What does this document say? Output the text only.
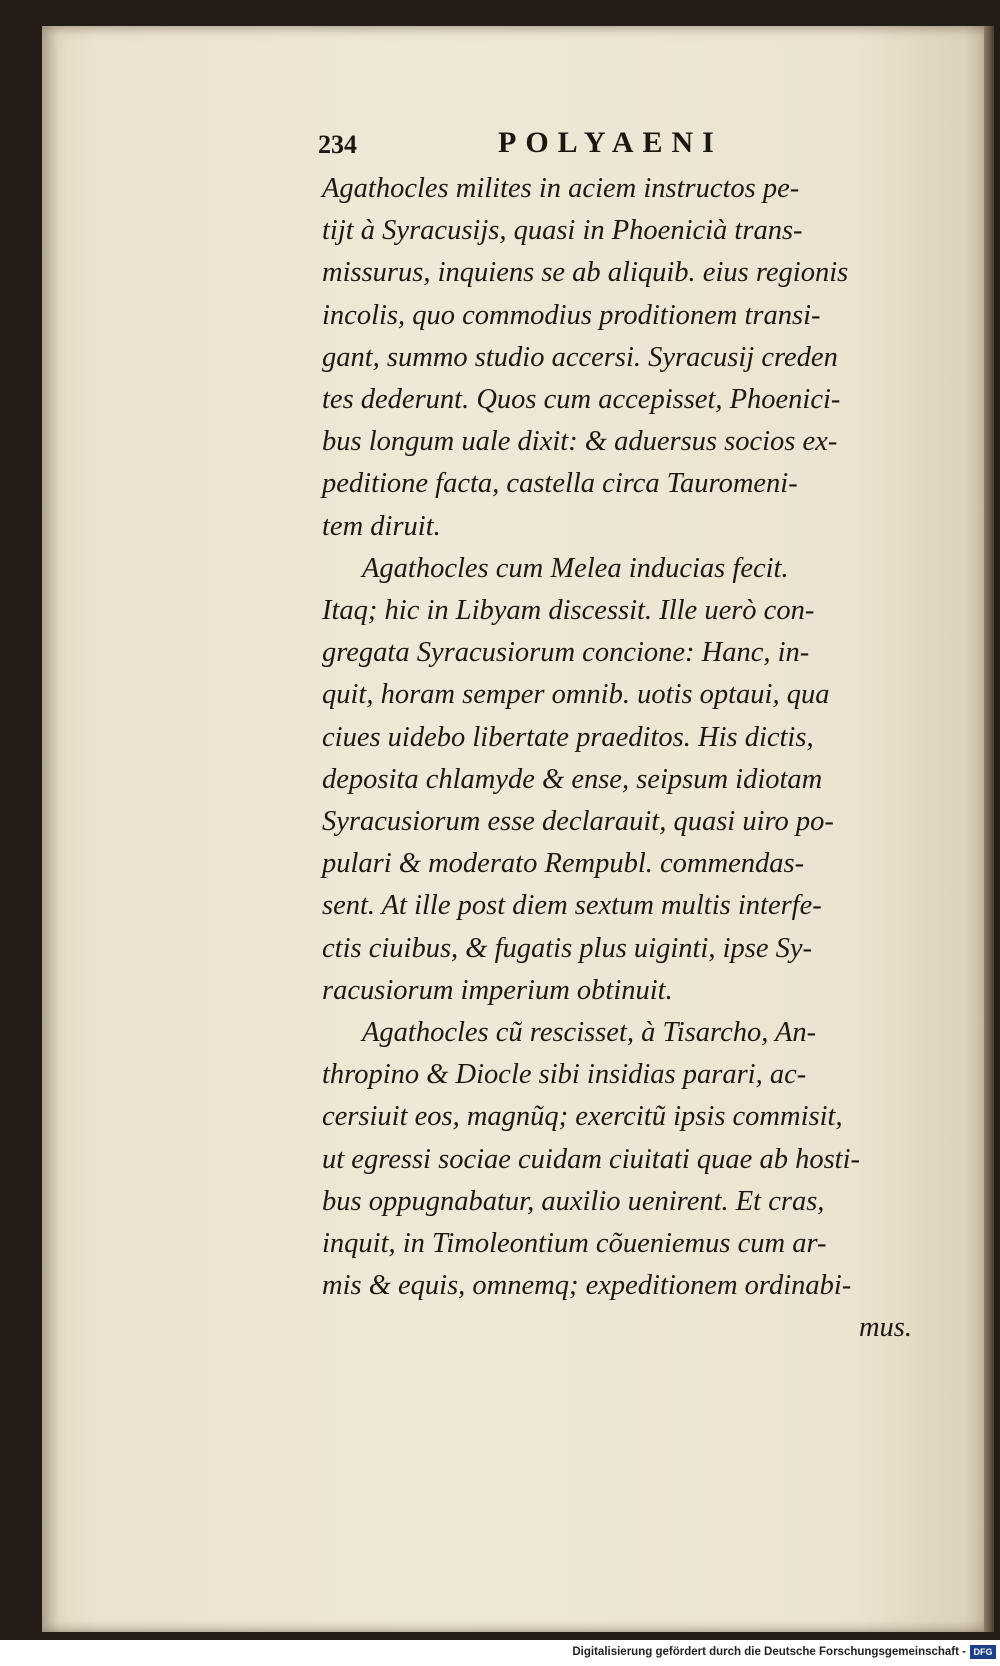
234	POLYAENI
Agathocles milites in aciem instructos pe-
tijt à Syracusijs, quasi in Phoenicià trans-
missurus, inquiens se ab aliquib. eius regionis
incolis, quo commodius proditionem transi-
gant, summo studio accersi. Syracusij creden
tes dederunt. Quos cum accepisset, Phoenici-
bus longum uale dixit: & aduersus socios ex-
peditione facta, castella circa Tauromeni-
tem diruit.
Agathocles cum Melea inducias fecit.
Itaq; hic in Libyam discessit. Ille uerò con-
gregata Syracusiorum concione: Hanc, in-
quit, horam semper omnib. uotis optaui, qua
ciues uidebo libertate praeditos. His dictis,
deposita chlamyde & ense, seipsum idiotam
Syracusiorum esse declarauit, quasi uiro po-
pulari & moderato Rempubl. commendas-
sent. At ille post diem sextum multis interfe-
ctis ciuibus, & fugatis plus uiginti, ipse Sy-
racusiorum imperium obtinuit.
Agathocles cũ rescisset, à Tisarcho, An-
thropino & Diocle sibi insidias parari, ac-
cersiuit eos, magnũq; exercitũ ipsis commisit,
ut egressi sociae cuidam ciuitati quae ab hosti-
bus oppugnabatur, auxilio uenirent. Et cras,
inquit, in Timoleontium cõueniemus cum ar-
mis & equis, omnemq; expeditionem ordinabi-
mus.
Digitalisierung gefördert durch die Deutsche Forschungsgemeinschaft - DFG
